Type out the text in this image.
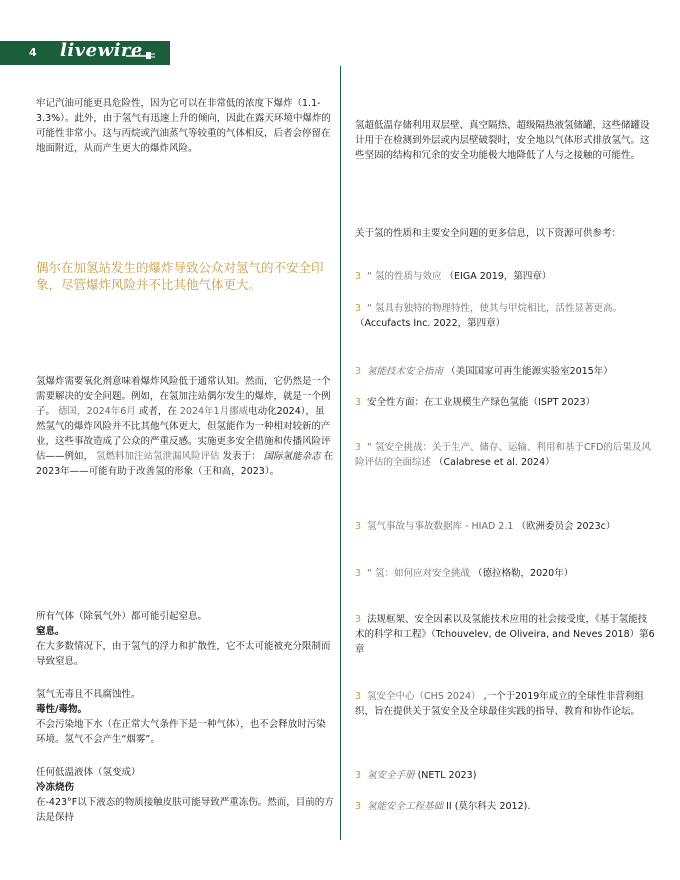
4 livewire

牢记汽油可能更具危险性，因为它可以在非常低的浓度下爆炸（1.1-3.3%）。此外，由于氢气有迅速上升的倾向，因此在露天环境中爆炸的可能性非常小。这与丙烷或汽油蒸气等较重的气体相反，后者会停留在地面附近，从而产生更大的爆炸风险。

偶尔在加氢站发生的爆炸导致公众对氢气的不安全印象，尽管爆炸风险并不比其他气体更大。

氢爆炸需要氧化剂意味着爆炸风险低于通常认知。然而，它仍然是一个需要解决的安全问题。例如，在氢加注站偶尔发生的爆炸，就是一个例子。 德国，2024年6月 或者，在 2024年1月挪威电动化2024），虽然氢气的爆炸风险并不比其他气体更大，但氢能作为一种相对较新的产业，这些事故造成了公众的严重反感。实施更多安全措施和传播风险评估——例如， 氢燃料加注站氢泄漏风险评估 发表于： 国际氢能杂志 在2023年——可能有助于改善氢的形象（王和高，2023）。

所有气体（除氧气外）都可能引起窒息。
窒息。
在大多数情况下，由于氢气的浮力和扩散性，它不太可能被充分限制而导致窒息。
氢气无毒且不具腐蚀性。
毒性/毒物。
不会污染地下水（在正常大气条件下是一种气体），也不会释放时污染环境。氢气不会产生“烟雾”。
任何低温液体（氢变成）
冷冻烧伤
在-423°F以下液态的物质接触皮肤可能导致严重冻伤。然而，目前的方法是保持

氢超低温存储利用双层壁、真空隔热、超级隔热液氢储罐，这些储罐设计用于在检测到外层或内层壁破裂时，安全地以气体形式排放氢气。这些坚固的结构和冗余的安全功能极大地降低了人与之接触的可能性。

关于氢的性质和主要安全问题的更多信息，以下资源可供参考：

3 “ 氢的性质与效应 （EIGA 2019，第四章）
3 “ 氢具有独特的物理特性，使其与甲烷相比，活性显著更高。 （Accufacts Inc. 2022，第四章）
3 氢能技术安全指南 （美国国家可再生能源实验室2015年）
3 安全性方面：在工业规模生产绿色氢能（ISPT 2023）
3 “ 氢安全挑战：关于生产、储存、运输、利用和基于CFD的后果及风险评估的全面综述 （Calabrese et al. 2024）
3 氢气事故与事故数据库 - HIAD 2.1 （欧洲委员会 2023c）
3 “ 氢：如何应对安全挑战 （德拉格勒，2020年）
3 法规框架、安全因素以及氢能技术应用的社会接受度，《基于氢能技术的科学和工程》（Tchouvelev, de Oliveira, and Neves 2018）第6章
3 氢安全中心（CHS 2024） ,一个于2019年成立的全球性非营利组织，旨在提供关于氢安全及全球最佳实践的指导、教育和协作论坛。
3 氢安全手册 (NETL 2023)
3 氢能安全工程基础 II (莫尔科夫 2012).
